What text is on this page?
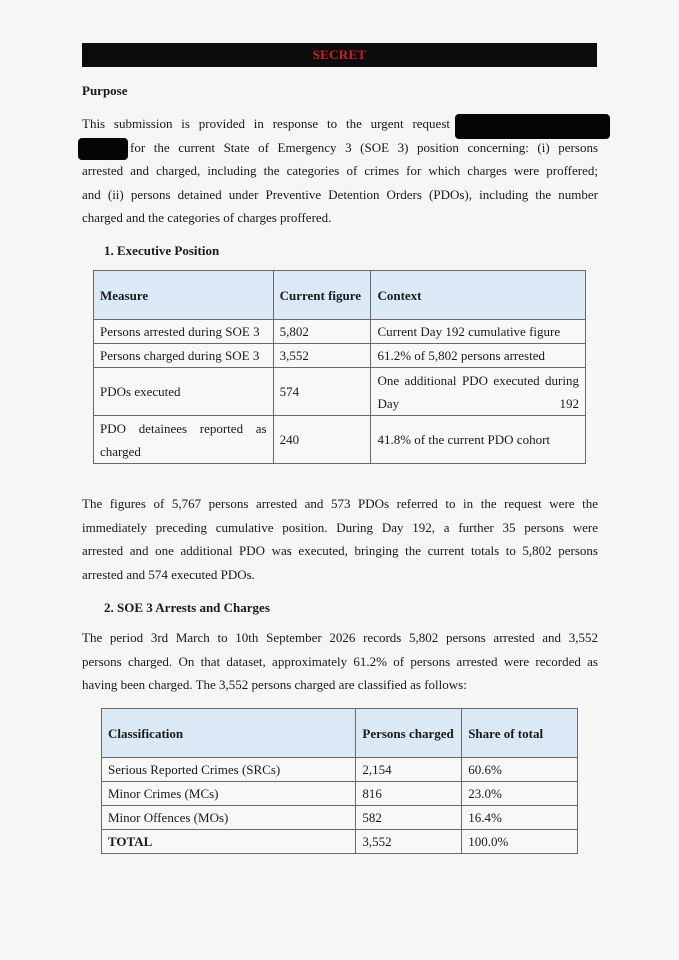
SECRET
Purpose
This submission is provided in response to the urgent request
for the current State of Emergency 3 (SOE 3) position concerning: (i) persons
arrested and charged, including the categories of crimes for which charges were proffered;
and (ii) persons detained under Preventive Detention Orders (PDOs), including the number
charged and the categories of charges proffered.
1. Executive Position
Measure	Current figure	Context
Persons arrested during SOE 3	5,802	Current Day 192 cumulative figure
Persons charged during SOE 3	3,552	61.2% of 5,802 persons arrested
PDOs executed	574	One additional PDO executed during Day 192
PDO detainees reported as charged	240	41.8% of the current PDO cohort
The figures of 5,767 persons arrested and 573 PDOs referred to in the request were the
immediately preceding cumulative position. During Day 192, a further 35 persons were
arrested and one additional PDO was executed, bringing the current totals to 5,802 persons
arrested and 574 executed PDOs.
2. SOE 3 Arrests and Charges
The period 3rd March to 10th September 2026 records 5,802 persons arrested and 3,552
persons charged. On that dataset, approximately 61.2% of persons arrested were recorded as
having been charged. The 3,552 persons charged are classified as follows:
Classification	Persons charged	Share of total
Serious Reported Crimes (SRCs)	2,154	60.6%
Minor Crimes (MCs)	816	23.0%
Minor Offences (MOs)	582	16.4%
TOTAL	3,552	100.0%
